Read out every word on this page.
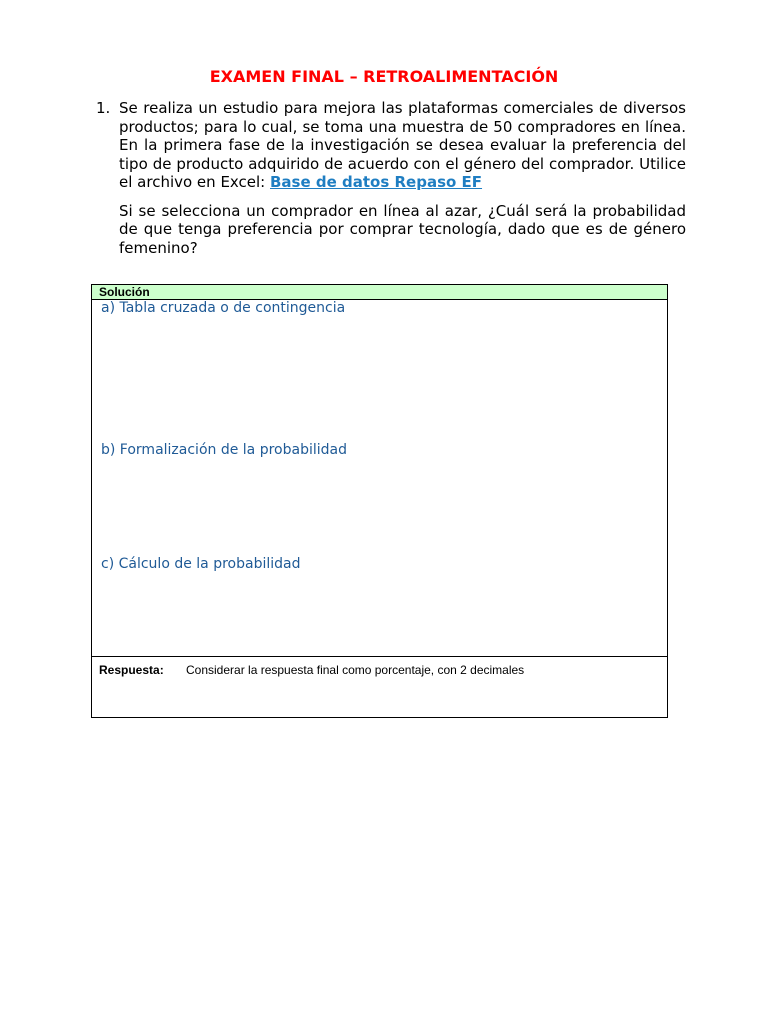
EXAMEN FINAL – RETROALIMENTACIÓN
1. Se realiza un estudio para mejora las plataformas comerciales de diversos productos; para lo cual, se toma una muestra de 50 compradores en línea. En la primera fase de la investigación se desea evaluar la preferencia del tipo de producto adquirido de acuerdo con el género del comprador. Utilice el archivo en Excel: Base de datos Repaso EF
Si se selecciona un comprador en línea al azar, ¿Cuál será la probabilidad de que tenga preferencia por comprar tecnología, dado que es de género femenino?
Solución
a) Tabla cruzada o de contingencia
b) Formalización de la probabilidad
c) Cálculo de la probabilidad
Respuesta: Considerar la respuesta final como porcentaje, con 2 decimales
